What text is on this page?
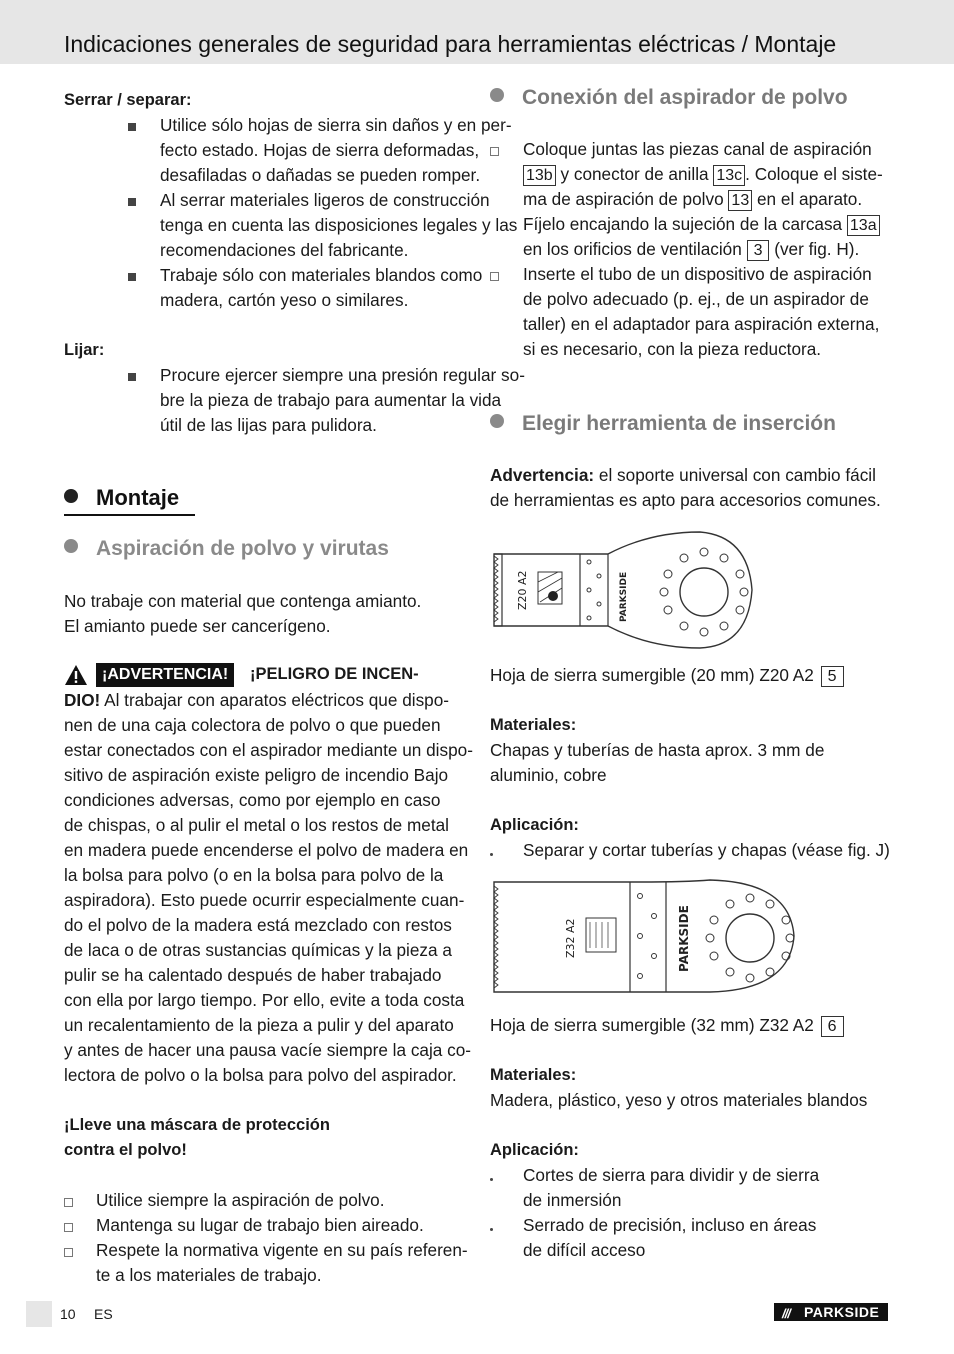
Indicaciones generales de seguridad para herramientas eléctricas / Montaje
Serrar / separar:
Utilice sólo hojas de sierra sin daños y en per-
fecto estado. Hojas de sierra deformadas,
desafiladas o dañadas se pueden romper.
Al serrar materiales ligeros de construcción
tenga en cuenta las disposiciones legales y las
recomendaciones del fabricante.
Trabaje sólo con materiales blandos como
madera, cartón yeso o similares.
Lijar:
Procure ejercer siempre una presión regular so-
bre la pieza de trabajo para aumentar la vida
útil de las lijas para pulidora.
Montaje
Aspiración de polvo y virutas
No trabaje con material que contenga amianto.
El amianto puede ser cancerígeno.
¡ADVERTENCIA!	¡PELIGRO DE INCEN-
DIO! Al trabajar con aparatos eléctricos que dispo-
nen de una caja colectora de polvo o que pueden
estar conectados con el aspirador mediante un dispo-
sitivo de aspiración existe peligro de incendio Bajo
condiciones adversas, como por ejemplo en caso
de chispas, o al pulir el metal o los restos de metal
en madera puede encenderse el polvo de madera en
la bolsa para polvo (o en la bolsa para polvo de la
aspiradora). Esto puede ocurrir especialmente cuan-
do el polvo de la madera está mezclado con restos
de laca o de otras sustancias químicas y la pieza a
pulir se ha calentado después de haber trabajado
con ella por largo tiempo. Por ello, evite a toda costa
un recalentamiento de la pieza a pulir y del aparato
y antes de hacer una pausa vacíe siempre la caja co-
lectora de polvo o la bolsa para polvo del aspirador.
¡Lleve una máscara de protección
contra el polvo!
Utilice siempre la aspiración de polvo.
Mantenga su lugar de trabajo bien aireado.
Respete la normativa vigente en su país referen-
te a los materiales de trabajo.
Conexión del aspirador de polvo
Coloque juntas las piezas canal de aspiración
13b y conector de anilla 13c . Coloque el siste-
ma de aspiración de polvo 13 en el aparato.
Fíjelo encajando la sujeción de la carcasa 13a
en los orificios de ventilación 3 (ver fig. H).
Inserte el tubo de un dispositivo de aspiración
de polvo adecuado (p. ej., de un aspirador de
taller) en el adaptador para aspiración externa,
si es necesario, con la pieza reductora.
Elegir herramienta de inserción
Advertencia: el soporte universal con cambio fácil
de herramientas es apto para accesorios comunes.
Z20 A2	PARKSIDE
Hoja de sierra sumergible (20 mm) Z20 A2 5
Materiales:
Chapas y tuberías de hasta aprox. 3 mm de
aluminio, cobre
Aplicación:
Separar y cortar tuberías y chapas (véase fig. J)
Z32 A2	PARKSIDE
Hoja de sierra sumergible (32 mm) Z32 A2 6
Materiales:
Madera, plástico, yeso y otros materiales blandos
Aplicación:
Cortes de sierra para dividir y de sierra
de inmersión
Serrado de precisión, incluso en áreas
de difícil acceso
10 ES	/// PARKSIDE
